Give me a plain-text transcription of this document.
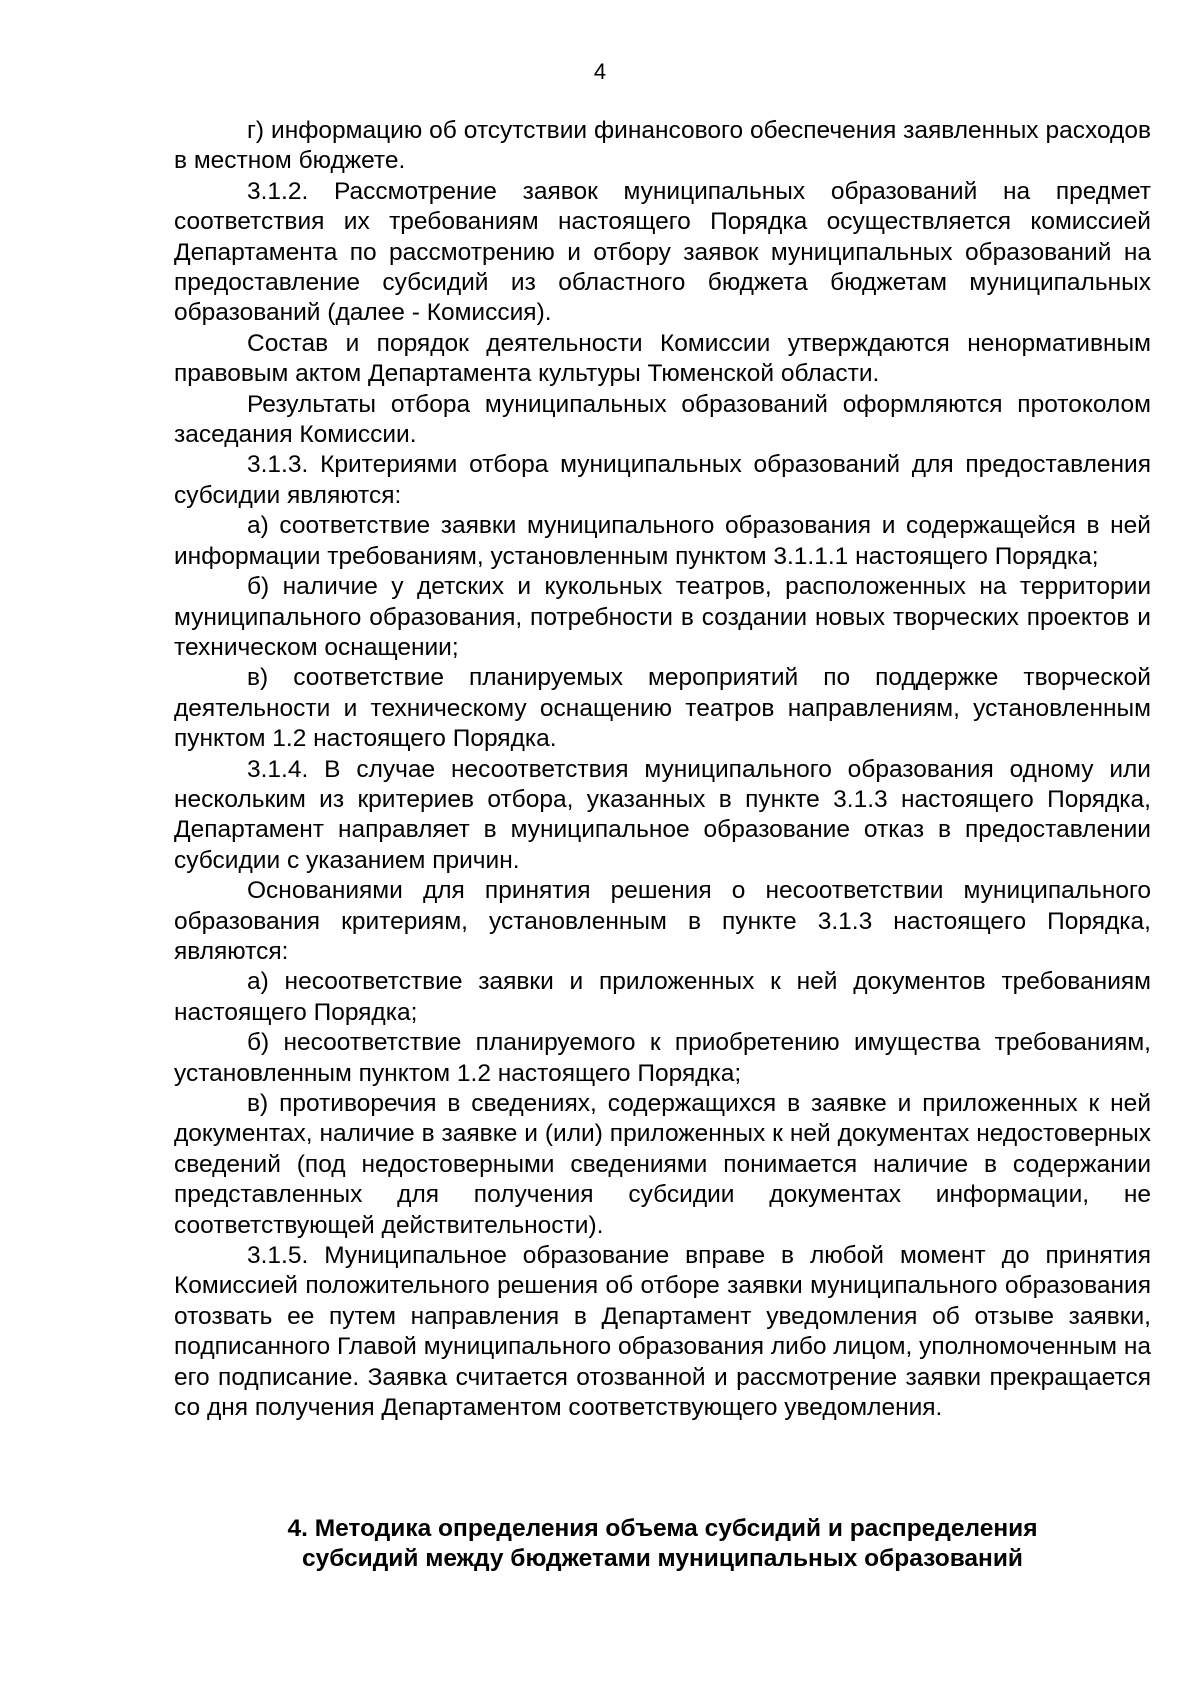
4

г) информацию об отсутствии финансового обеспечения заявленных расходов в местном бюджете.

3.1.2. Рассмотрение заявок муниципальных образований на предмет соответствия их требованиям настоящего Порядка осуществляется комиссией Департамента по рассмотрению и отбору заявок муниципальных образований на предоставление субсидий из областного бюджета бюджетам муниципальных образований (далее - Комиссия).

Состав и порядок деятельности Комиссии утверждаются ненормативным правовым актом Департамента культуры Тюменской области.

Результаты отбора муниципальных образований оформляются протоколом заседания Комиссии.

3.1.3. Критериями отбора муниципальных образований для предоставления субсидии являются:

а) соответствие заявки муниципального образования и содержащейся в ней информации требованиям, установленным пунктом 3.1.1.1 настоящего Порядка;

б) наличие у детских и кукольных театров, расположенных на территории муниципального образования, потребности в создании новых творческих проектов и техническом оснащении;

в) соответствие планируемых мероприятий по поддержке творческой деятельности и техническому оснащению театров направлениям, установленным пунктом 1.2 настоящего Порядка.

3.1.4. В случае несоответствия муниципального образования одному или нескольким из критериев отбора, указанных в пункте 3.1.3 настоящего Порядка, Департамент направляет в муниципальное образование отказ в предоставлении субсидии с указанием причин.

Основаниями для принятия решения о несоответствии муниципального образования критериям, установленным в пункте 3.1.3 настоящего Порядка, являются:

а) несоответствие заявки и приложенных к ней документов требованиям настоящего Порядка;

б) несоответствие планируемого к приобретению имущества требованиям, установленным пунктом 1.2 настоящего Порядка;

в) противоречия в сведениях, содержащихся в заявке и приложенных к ней документах, наличие в заявке и (или) приложенных к ней документах недостоверных сведений (под недостоверными сведениями понимается наличие в содержании представленных для получения субсидии документах информации, не соответствующей действительности).

3.1.5. Муниципальное образование вправе в любой момент до принятия Комиссией положительного решения об отборе заявки муниципального образования отозвать ее путем направления в Департамент уведомления об отзыве заявки, подписанного Главой муниципального образования либо лицом, уполномоченным на его подписание. Заявка считается отозванной и рассмотрение заявки прекращается со дня получения Департаментом соответствующего уведомления.

4. Методика определения объема субсидий и распределения
субсидий между бюджетами муниципальных образований
